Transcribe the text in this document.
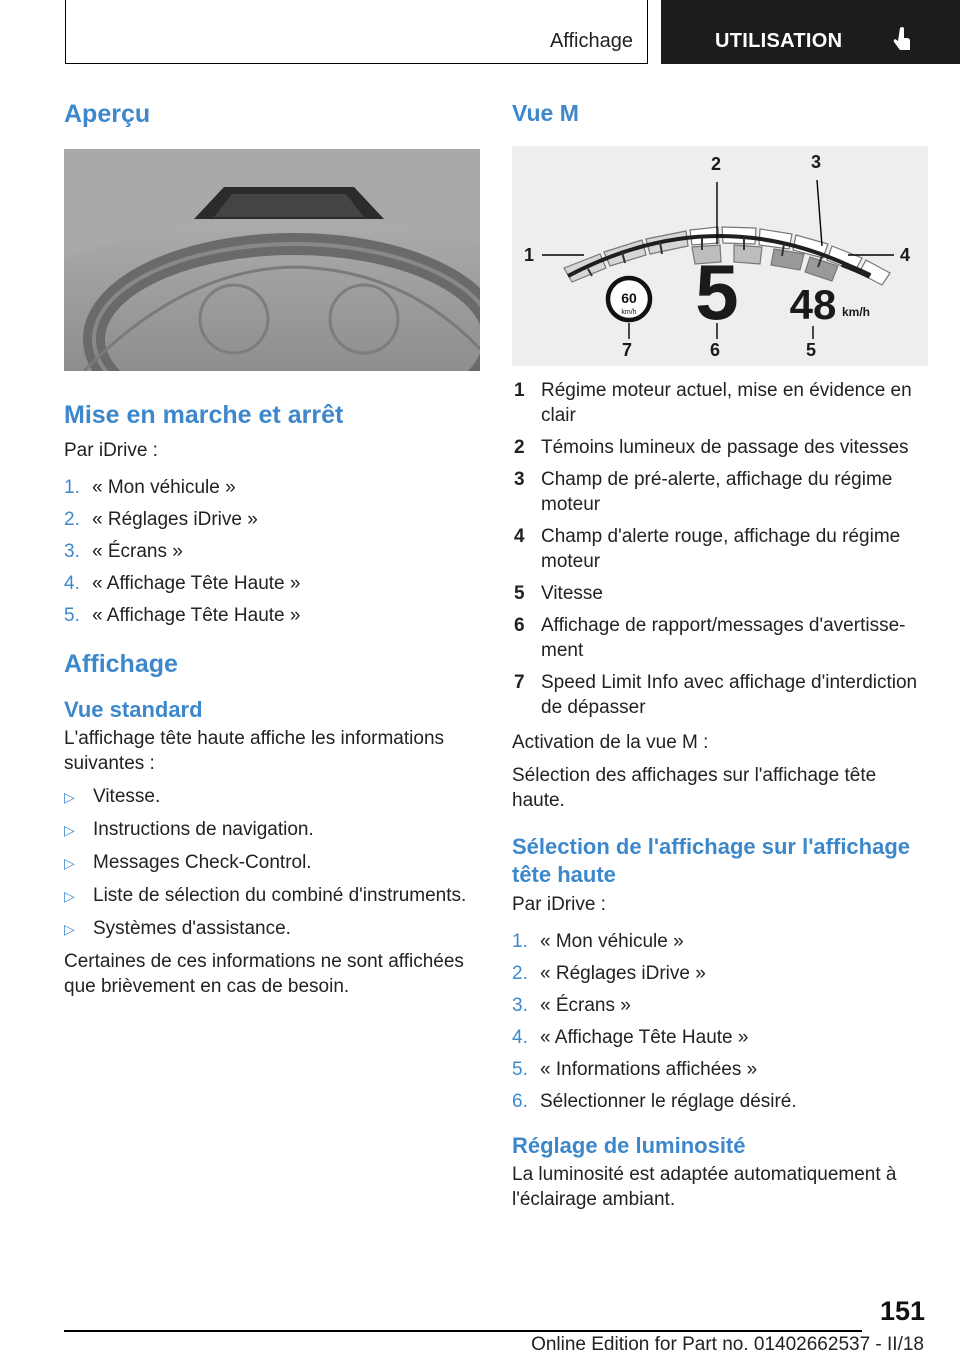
Affichage	UTILISATION
Aperçu
Mise en marche et arrêt

Par iDrive :

1. « Mon véhicule »
2. « Réglages iDrive »
3. « Écrans »
4. « Affichage Tête Haute »
5. « Affichage Tête Haute »
Affichage
Vue standard

L'affichage tête haute affiche les informations suivantes :

▷ Vitesse.
▷ Instructions de navigation.
▷ Messages Check-Control.
▷ Liste de sélection du combiné d'instruments.
▷ Systèmes d'assistance.

Certaines de ces informations ne sont affichées que brièvement en cas de besoin.

Vue M
1
2	3
4
5
6
7
60
km/h 5 48 km/h
1 Régime moteur actuel, mise en évidence en clair
2 Témoins lumineux de passage des vitesses
3 Champ de pré-alerte, affichage du régime moteur
4 Champ d'alerte rouge, affichage du régime moteur
5 Vitesse
6 Affichage de rapport/messages d'avertisse‐ment
7 Speed Limit Info avec affichage d'interdiction de dépasser

Activation de la vue M :

Sélection des affichages sur l'affichage tête haute.

Sélection de l'affichage sur l'affichage tête haute

Par iDrive :

1. « Mon véhicule »
2. « Réglages iDrive »
3. « Écrans »
4. « Affichage Tête Haute »
5. « Informations affichées »
6. Sélectionner le réglage désiré.
Réglage de luminosité

La luminosité est adaptée automatiquement à l'éclairage ambiant.

151
Online Edition for Part no. 01402662537 - II/18
